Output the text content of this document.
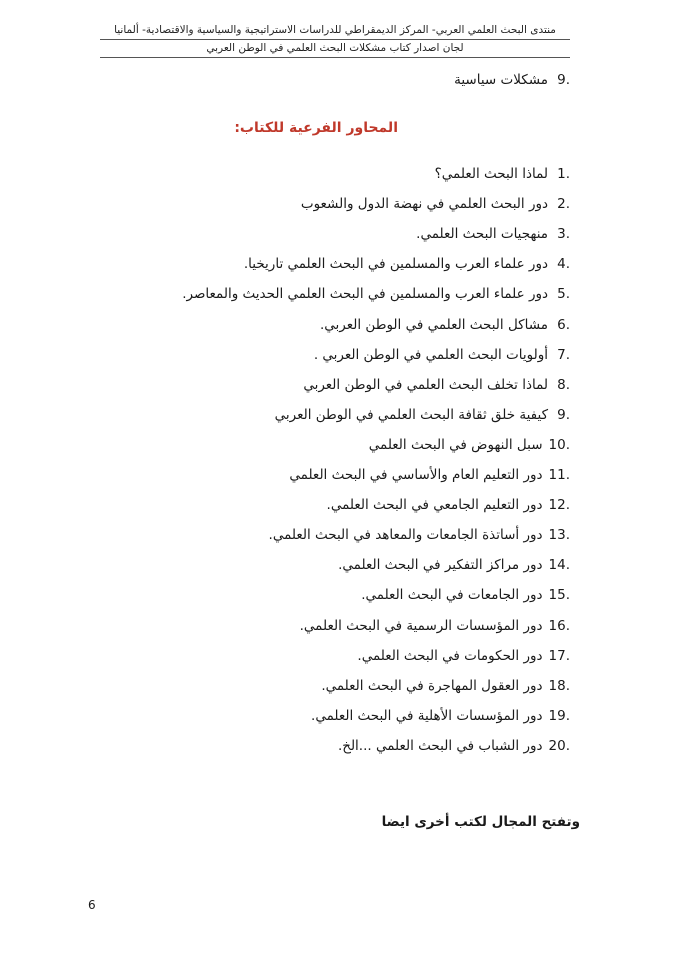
منتدى البحث العلمي العربي- المركز الديمقراطي للدراسات الاستراتيجية والسياسية والاقتصادية- ألمانيا
لجان اصدار كتاب مشكلات البحث العلمي في الوطن العربي
9.
مشكلات سياسية
المحاور الفرعية للكتاب:
1.
لماذا البحث العلمي؟
2.
دور البحث العلمي في نهضة الدول والشعوب
3.
منهجيات البحث العلمي.
4.
دور علماء العرب والمسلمين في البحث العلمي تاريخيا.
5.
دور علماء العرب والمسلمين في البحث العلمي الحديث والمعاصر.
6.
مشاكل البحث العلمي في الوطن العربي.
7.
أولويات البحث العلمي في الوطن العربي .
8.
لماذا تخلف البحث العلمي في الوطن العربي
9.
كيفية خلق ثقافة البحث العلمي في الوطن العربي
10.
سبل النهوض في البحث العلمي
11.
دور التعليم العام والأساسي في البحث العلمي
12.
دور التعليم الجامعي في البحث العلمي.
13.
دور أساتذة الجامعات والمعاهد في البحث العلمي.
14.
دور مراكز التفكير في البحث العلمي.
15.
دور الجامعات في البحث العلمي.
16.
دور المؤسسات الرسمية في البحث العلمي.
17.
دور الحكومات في البحث العلمي.
18.
دور العقول المهاجرة في البحث العلمي.
19.
دور المؤسسات الأهلية في البحث العلمي.
20.
دور الشباب في البحث العلمي ...الخ.
وتفتح المجال لكتب أخرى ايضا
6
